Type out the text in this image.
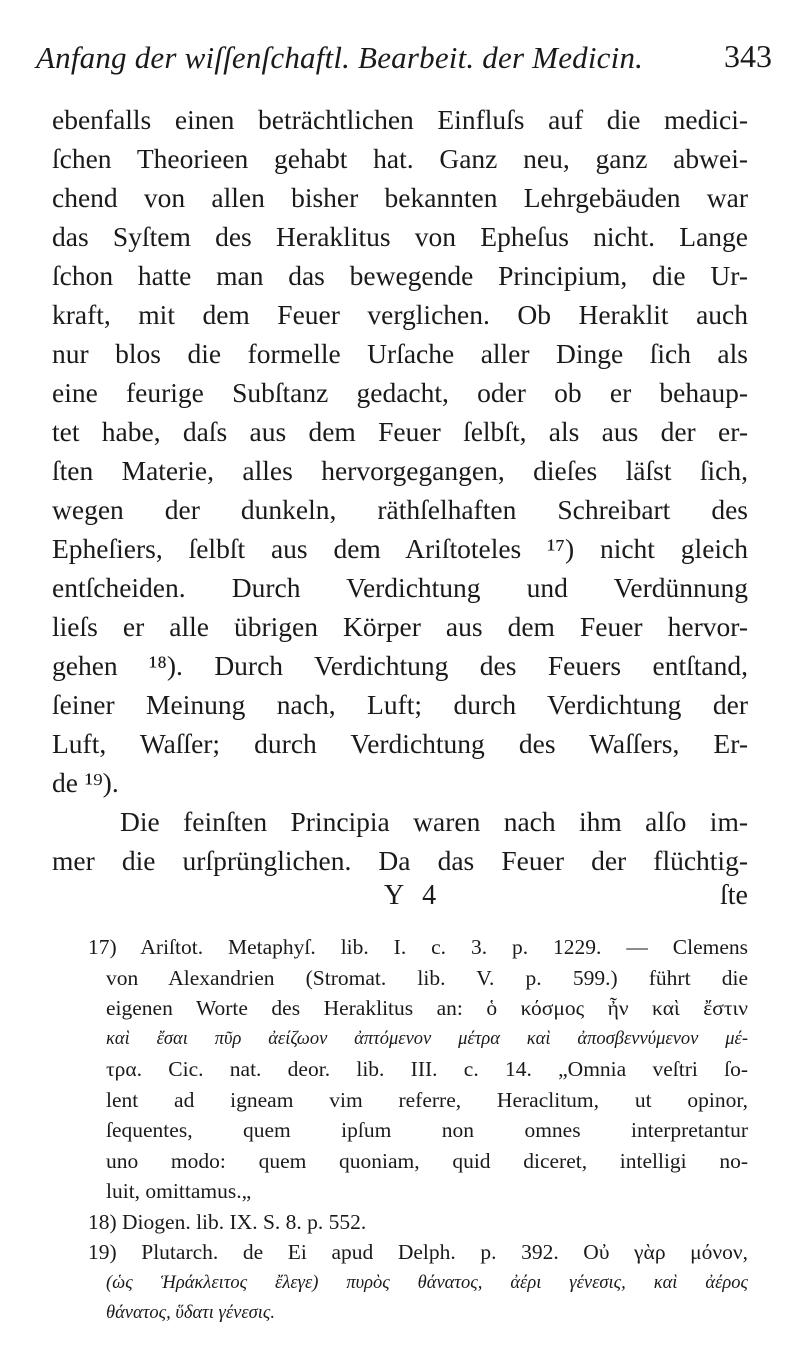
Anfang der wiſſenſchaftl. Bearbeit. der Medicin.	343
ebenfalls einen beträchtlichen Einfluſs auf die medici-
ſchen Theorieen gehabt hat. Ganz neu, ganz abwei-
chend von allen bisher bekannten Lehrgebäuden war
das Syſtem des Heraklitus von Epheſus nicht. Lange
ſchon hatte man das bewegende Principium, die Ur-
kraft, mit dem Feuer verglichen. Ob Heraklit auch
nur blos die formelle Urſache aller Dinge ſich als
eine feurige Subſtanz gedacht, oder ob er behaup-
tet habe, daſs aus dem Feuer ſelbſt, als aus der er-
ſten Materie, alles hervorgegangen, dieſes läſst ſich,
wegen der dunkeln, räthſelhaften Schreibart des
Epheſiers, ſelbſt aus dem Ariſtoteles ¹⁷) nicht gleich
entſcheiden. Durch Verdichtung und Verdünnung
lieſs er alle übrigen Körper aus dem Feuer hervor-
gehen ¹⁸). Durch Verdichtung des Feuers entſtand,
ſeiner Meinung nach, Luft; durch Verdichtung der
Luft, Waſſer; durch Verdichtung des Waſſers, Er-
de ¹⁹).
Die feinſten Principia waren nach ihm alſo im-
mer die urſprünglichen. Da das Feuer der flüchtig-
Y 4	ſte
17) Ariſtot. Metaphyſ. lib. I. c. 3. p. 1229. — Clemens
von Alexandrien (Stromat. lib. V. p. 599.) führt die
eigenen Worte des Heraklitus an: ὁ κόσμος ἦν καὶ ἔστιν
καὶ ἔσαι πῦρ ἀείζωον ἀπτόμενον μέτρα καὶ ἀποσβεννύμενον μέ-
τρα. Cic. nat. deor. lib. III. c. 14. „Omnia veſtri ſo-
lent ad igneam vim referre, Heraclitum, ut opinor,
ſequentes, quem ipſum non omnes interpretantur
uno modo: quem quoniam, quid diceret, intelligi no-
luit, omittamus.„
18) Diogen. lib. IX. S. 8. p. 552.
19) Plutarch. de Ei apud Delph. p. 392. Οὐ γὰρ μόνον,
(ὡς Ἡράκλειτος ἔλεγε) πυρὸς θάνατος, ἀέρι γένεσις, καὶ ἀέρος
θάνατος, ὕδατι γένεσις.
